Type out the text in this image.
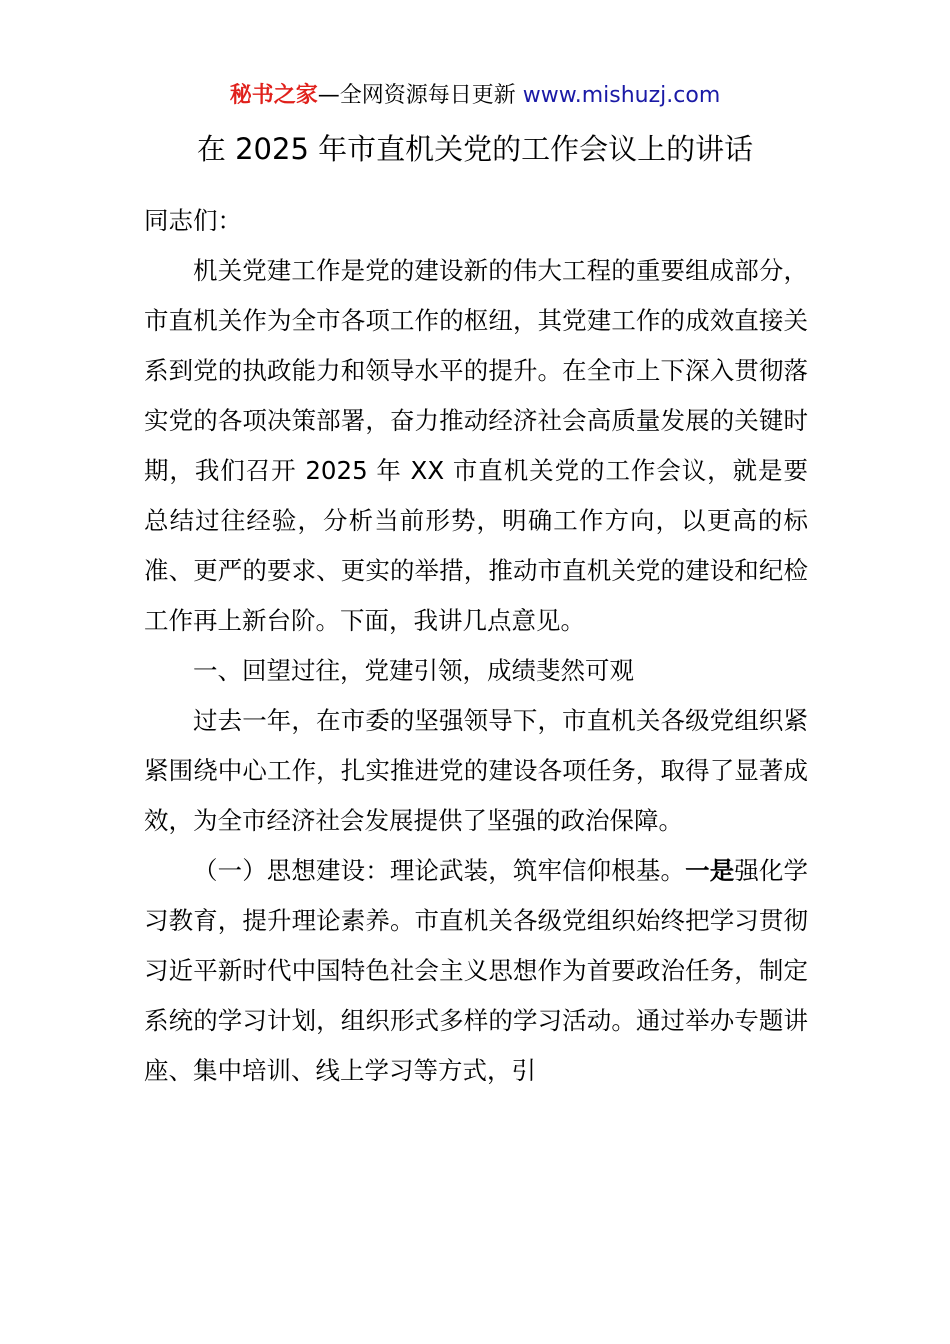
秘书之家—全网资源每日更新 www.mishuzj.com
在 2025 年市直机关党的工作会议上的讲话

同志们：

机关党建工作是党的建设新的伟大工程的重要组成部分，市直机关作为全市各项工作的枢纽，其党建工作的成效直接关系到党的执政能力和领导水平的提升。在全市上下深入贯彻落实党的各项决策部署，奋力推动经济社会高质量发展的关键时期，我们召开 2025 年 XX 市直机关党的工作会议，就是要总结过往经验，分析当前形势，明确工作方向，以更高的标准、更严的要求、更实的举措，推动市直机关党的建设和纪检工作再上新台阶。下面，我讲几点意见。

一、回望过往，党建引领，成绩斐然可观

过去一年，在市委的坚强领导下，市直机关各级党组织紧紧围绕中心工作，扎实推进党的建设各项任务，取得了显著成效，为全市经济社会发展提供了坚强的政治保障。

（一）思想建设：理论武装，筑牢信仰根基。一是强化学习教育，提升理论素养。市直机关各级党组织始终把学习贯彻习近平新时代中国特色社会主义思想作为首要政治任务，制定系统的学习计划，组织形式多样的学习活动。通过举办专题讲座、集中培训、线上学习等方式，引
